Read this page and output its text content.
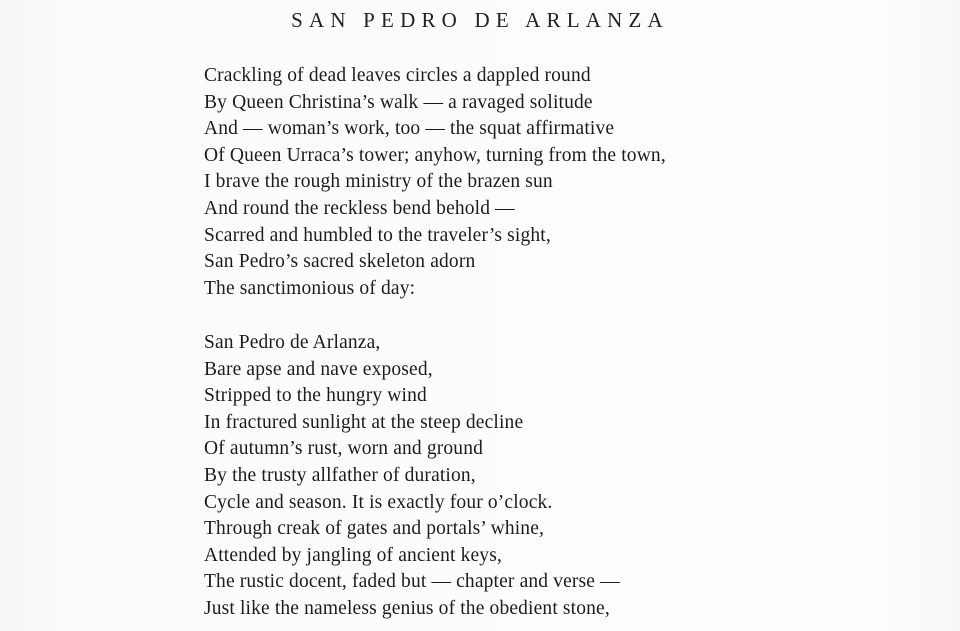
SAN PEDRO DE ARLANZA
Crackling of dead leaves circles a dappled round
By Queen Christina’s walk — a ravaged solitude
And — woman’s work, too — the squat affirmative
Of Queen Urraca’s tower; anyhow, turning from the town,
I brave the rough ministry of the brazen sun
And round the reckless bend behold —
Scarred and humbled to the traveler’s sight,
San Pedro’s sacred skeleton adorn
The sanctimonious of day:
San Pedro de Arlanza,
Bare apse and nave exposed,
Stripped to the hungry wind
In fractured sunlight at the steep decline
Of autumn’s rust, worn and ground
By the trusty allfather of duration,
Cycle and season. It is exactly four o’clock.
Through creak of gates and portals’ whine,
Attended by jangling of ancient keys,
The rustic docent, faded but — chapter and verse —
Just like the nameless genius of the obedient stone,
